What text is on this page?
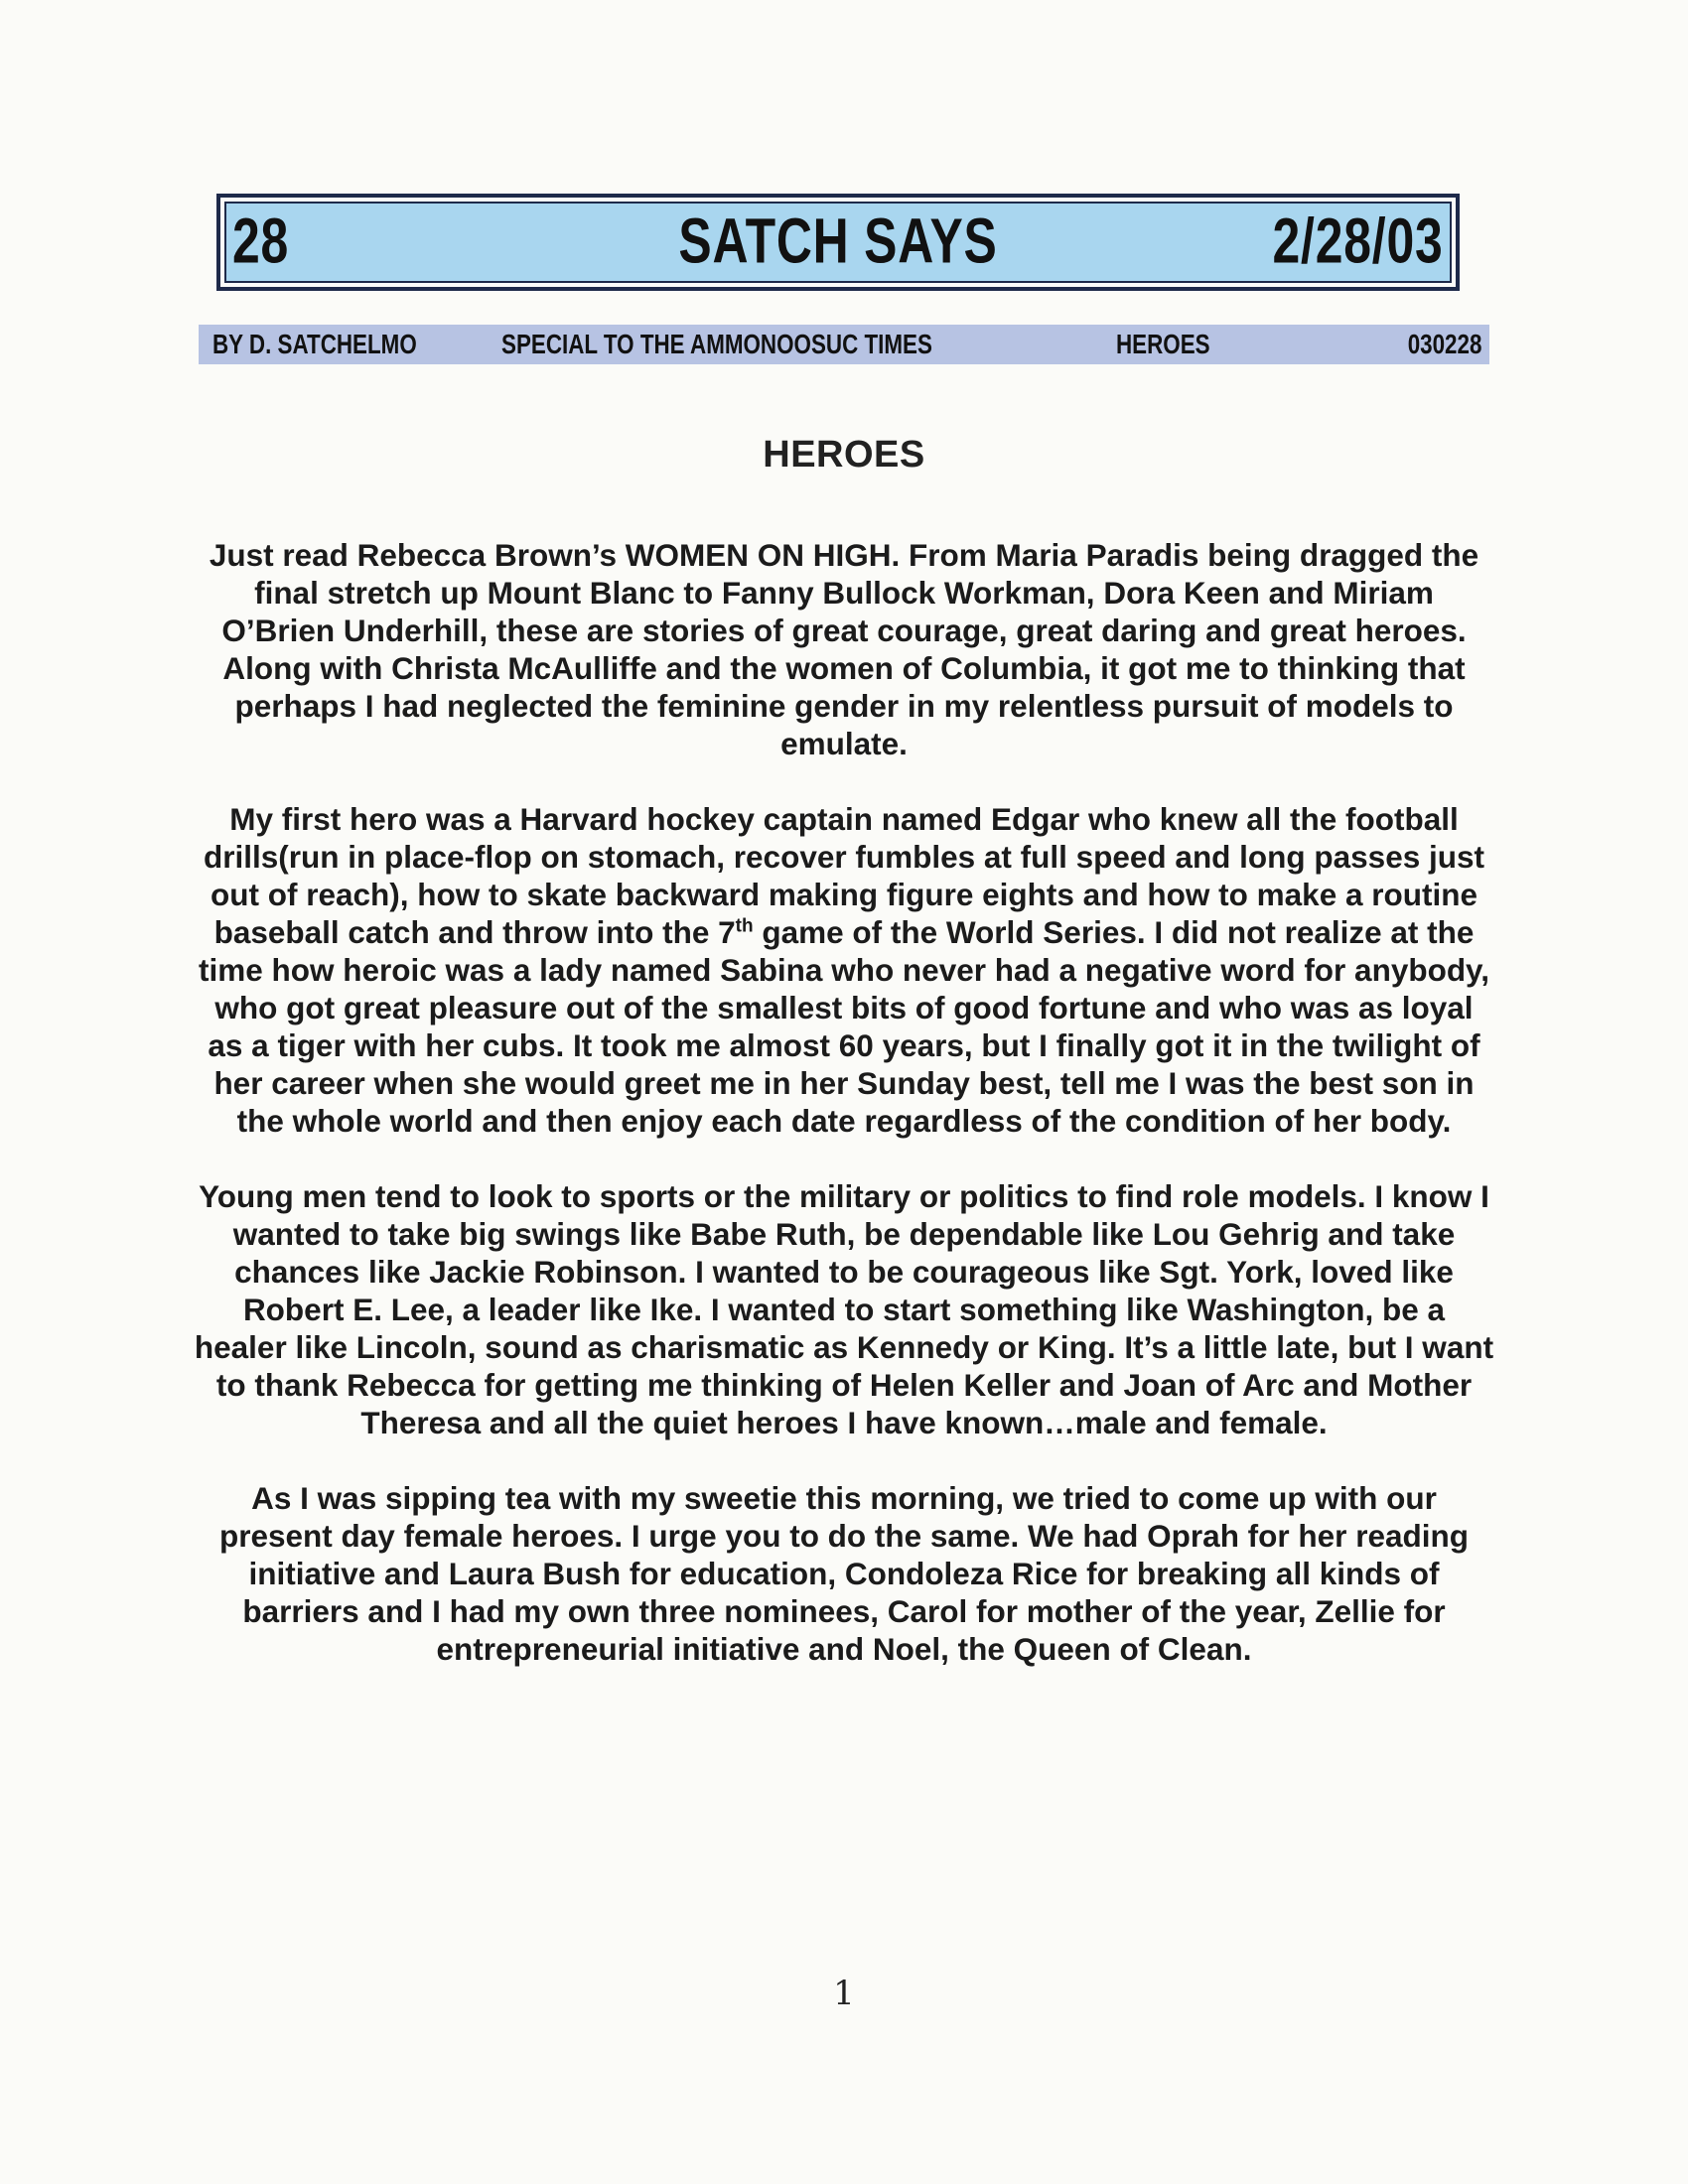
28	SATCH SAYS	2/28/03
BY D. SATCHELMO	SPECIAL TO THE AMMONOOSUC TIMES	HEROES	030228
HEROES

Just read Rebecca Brown’s WOMEN ON HIGH. From Maria Paradis being dragged the final stretch up Mount Blanc to Fanny Bullock Workman, Dora Keen and Miriam O’Brien Underhill, these are stories of great courage, great daring and great heroes. Along with Christa McAulliffe and the women of Columbia, it got me to thinking that perhaps I had neglected the feminine gender in my relentless pursuit of models to emulate.

My first hero was a Harvard hockey captain named Edgar who knew all the football drills(run in place-flop on stomach, recover fumbles at full speed and long passes just out of reach), how to skate backward making figure eights and how to make a routine baseball catch and throw into the 7th game of the World Series. I did not realize at the time how heroic was a lady named Sabina who never had a negative word for anybody, who got great pleasure out of the smallest bits of good fortune and who was as loyal as a tiger with her cubs. It took me almost 60 years, but I finally got it in the twilight of her career when she would greet me in her Sunday best, tell me I was the best son in the whole world and then enjoy each date regardless of the condition of her body.

Young men tend to look to sports or the military or politics to find role models. I know I wanted to take big swings like Babe Ruth, be dependable like Lou Gehrig and take chances like Jackie Robinson. I wanted to be courageous like Sgt. York, loved like Robert E. Lee, a leader like Ike. I wanted to start something like Washington, be a healer like Lincoln, sound as charismatic as Kennedy or King. It’s a little late, but I want to thank Rebecca for getting me thinking of Helen Keller and Joan of Arc and Mother Theresa and all the quiet heroes I have known…male and female.

As I was sipping tea with my sweetie this morning, we tried to come up with our present day female heroes. I urge you to do the same. We had Oprah for her reading initiative and Laura Bush for education, Condoleza Rice for breaking all kinds of barriers and I had my own three nominees, Carol for mother of the year, Zellie for entrepreneurial initiative and Noel, the Queen of Clean.

1
